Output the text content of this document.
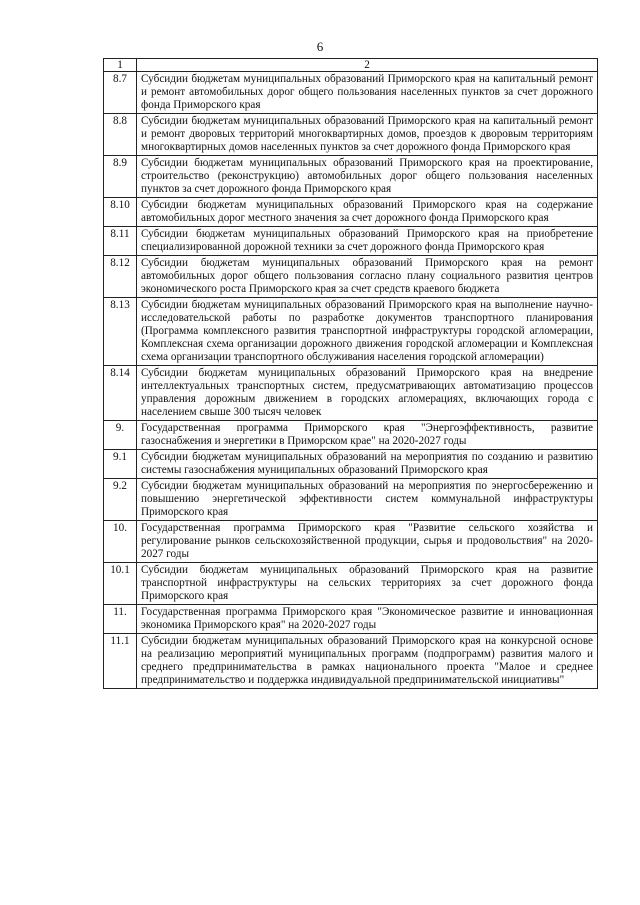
6
1	2
8.7	Субсидии бюджетам муниципальных образований Приморского края на капитальный ремонт и ремонт автомобильных дорог общего пользования населенных пунктов за счет дорожного фонда Приморского края
8.8	Субсидии бюджетам муниципальных образований Приморского края на капитальный ремонт и ремонт дворовых территорий многоквартирных домов, проездов к дворовым территориям многоквартирных домов населенных пунктов за счет дорожного фонда Приморского края
8.9	Субсидии бюджетам муниципальных образований Приморского края на проектирование, строительство (реконструкцию) автомобильных дорог общего пользования населенных пунктов за счет дорожного фонда Приморского края
8.10	Субсидии бюджетам муниципальных образований Приморского края на содержание автомобильных дорог местного значения за счет дорожного фонда Приморского края
8.11	Субсидии бюджетам муниципальных образований Приморского края на приобретение специализированной дорожной техники за счет дорожного фонда Приморского края
8.12	Субсидии бюджетам муниципальных образований Приморского края на ремонт автомобильных дорог общего пользования согласно плану социального развития центров экономического роста Приморского края за счет средств краевого бюджета
8.13	Субсидии бюджетам муниципальных образований Приморского края на выполнение научно-исследовательской работы по разработке документов транспортного планирования (Программа комплексного развития транспортной инфраструктуры городской агломерации, Комплексная схема организации дорожного движения городской агломерации и Комплексная схема организации транспортного обслуживания населения городской агломерации)
8.14	Субсидии бюджетам муниципальных образований Приморского края на внедрение интеллектуальных транспортных систем, предусматривающих автоматизацию процессов управления дорожным движением в городских агломерациях, включающих города с населением свыше 300 тысяч человек
9.	Государственная программа Приморского края "Энергоэффективность, развитие газоснабжения и энергетики в Приморском крае" на 2020-2027 годы
9.1	Субсидии бюджетам муниципальных образований на мероприятия по созданию и развитию системы газоснабжения муниципальных образований Приморского края
9.2	Субсидии бюджетам муниципальных образований на мероприятия по энергосбережению и повышению энергетической эффективности систем коммунальной инфраструктуры Приморского края
10.	Государственная программа Приморского края "Развитие сельского хозяйства и регулирование рынков сельскохозяйственной продукции, сырья и продовольствия" на 2020-2027 годы
10.1	Субсидии бюджетам муниципальных образований Приморского края на развитие транспортной инфраструктуры на сельских территориях за счет дорожного фонда Приморского края
11.	Государственная программа Приморского края "Экономическое развитие и инновационная экономика Приморского края" на 2020-2027 годы
11.1	Субсидии бюджетам муниципальных образований Приморского края на конкурсной основе на реализацию мероприятий муниципальных программ (подпрограмм) развития малого и среднего предпринимательства в рамках национального проекта "Малое и среднее предпринимательство и поддержка индивидуальной предпринимательской инициативы"
